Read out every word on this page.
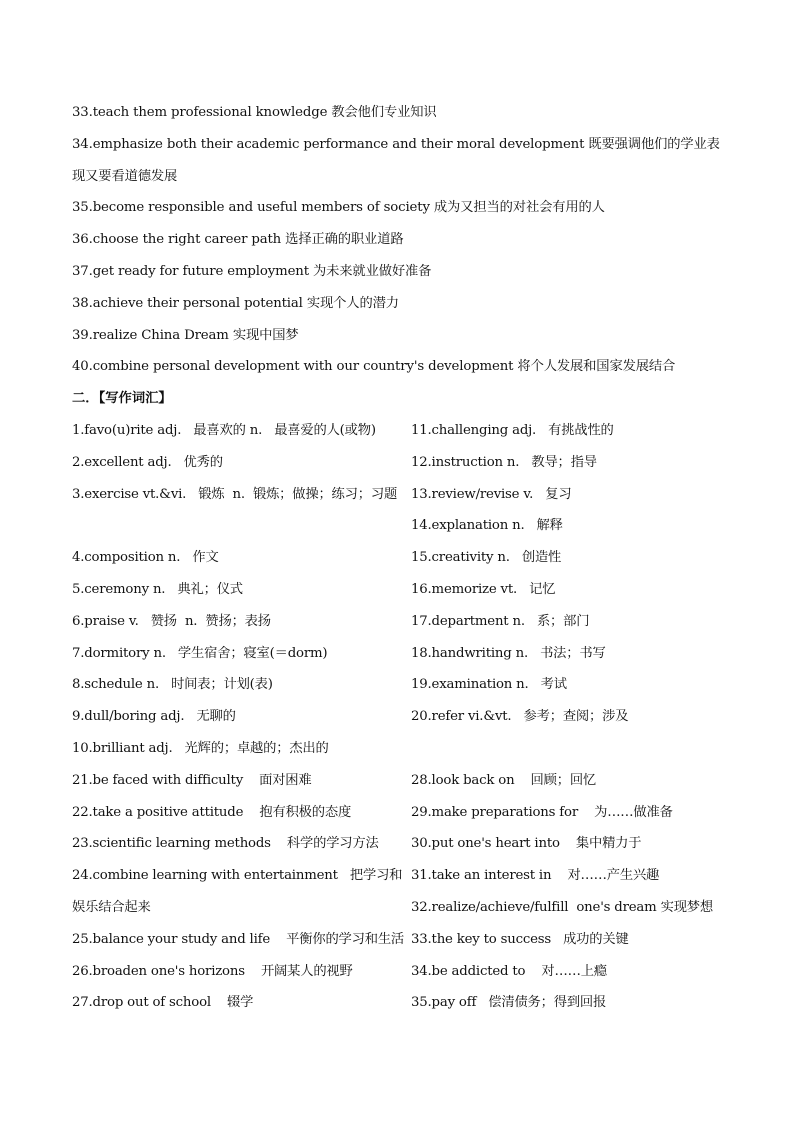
33.teach them professional knowledge 教会他们专业知识
34.emphasize both their academic performance and their moral development 既要强调他们的学业表现又要看道德发展
35.become responsible and useful members of society 成为又担当的对社会有用的人
36.choose the right career path 选择正确的职业道路
37.get ready for future employment 为未来就业做好准备
38.achieve their personal potential 实现个人的潜力
39.realize China Dream 实现中国梦
40.combine personal development with our country's development 将个人发展和国家发展结合
二．【写作词汇】
1.favo(u)rite adj.   最喜欢的 n.   最喜爱的人(或物)	11.challenging adj.   有挑战性的
2.excellent adj.   优秀的	12.instruction n.   教导；指导
3.exercise vt.&vi.   锻炼  n.  锻炼；做操；练习；习题	13.review/revise v.   复习
14.explanation n.   解释
4.composition n.   作文	15.creativity n.   创造性
5.ceremony n.   典礼；仪式	16.memorize vt.   记忆
6.praise v.   赞扬  n.  赞扬；表扬	17.department n.   系；部门
7.dormitory n.   学生宿舍；寝室(＝dorm)	18.handwriting n.   书法；书写
8.schedule n.   时间表；计划(表)	19.examination n.   考试
9.dull/boring adj.   无聊的	20.refer vi.&vt.   参考；查阅；涉及
10.brilliant adj.   光辉的；卓越的；杰出的
21.be faced with difficulty    面对困难	28.look back on    回顾；回忆
22.take a positive attitude    抱有积极的态度	29.make preparations for    为……做准备
23.scientific learning methods    科学的学习方法	30.put one's heart into    集中精力于
24.combine learning with entertainment   把学习和娱乐结合起来
31.take an interest in    对……产生兴趣
32.realize/achieve/fulfill  one's dream 实现梦想
25.balance your study and life    平衡你的学习和生活 33.the key to success   成功的关键
26.broaden one's horizons    开阔某人的视野	34.be addicted to    对……上瘾
27.drop out of school    辍学	35.pay off   偿清债务；得到回报
